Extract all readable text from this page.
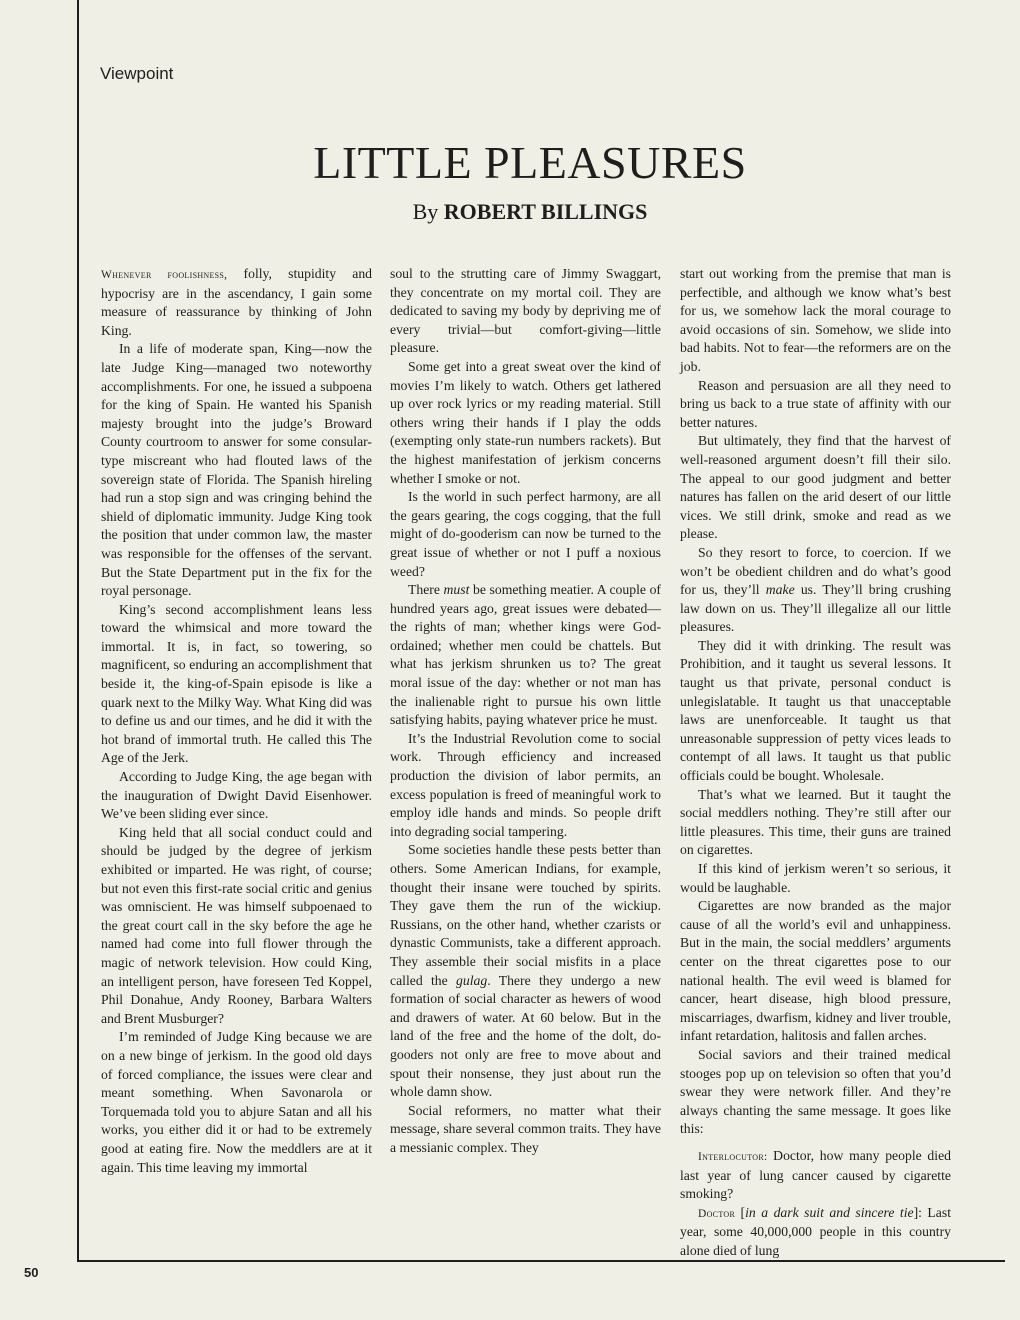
Viewpoint
LITTLE PLEASURES
By ROBERT BILLINGS

Whenever foolishness, folly, stupidity and hypocrisy are in the ascendancy, I gain some measure of reassurance by thinking of John King.

In a life of moderate span, King—now the late Judge King—managed two noteworthy accomplishments. For one, he issued a subpoena for the king of Spain. He wanted his Spanish majesty brought into the judge’s Broward County courtroom to answer for some consular-type miscreant who had flouted laws of the sovereign state of Florida. The Spanish hireling had run a stop sign and was cringing behind the shield of diplomatic immunity. Judge King took the position that under common law, the master was responsible for the offenses of the servant. But the State Department put in the fix for the royal personage.

King’s second accomplishment leans less toward the whimsical and more toward the immortal. It is, in fact, so towering, so magnificent, so enduring an accomplishment that beside it, the king-of-Spain episode is like a quark next to the Milky Way. What King did was to define us and our times, and he did it with the hot brand of immortal truth. He called this The Age of the Jerk.

According to Judge King, the age began with the inauguration of Dwight David Eisenhower. We’ve been sliding ever since.

King held that all social conduct could and should be judged by the degree of jerkism exhibited or imparted. He was right, of course; but not even this first-rate social critic and genius was omniscient. He was himself subpoenaed to the great court call in the sky before the age he named had come into full flower through the magic of network television. How could King, an intelligent person, have foreseen Ted Koppel, Phil Donahue, Andy Rooney, Barbara Walters and Brent Musburger?

I’m reminded of Judge King because we are on a new binge of jerkism. In the good old days of forced compliance, the issues were clear and meant something. When Savonarola or Torquemada told you to abjure Satan and all his works, you either did it or had to be extremely good at eating fire. Now the meddlers are at it again. This time leaving my immortal

soul to the strutting care of Jimmy Swaggart, they concentrate on my mortal coil. They are dedicated to saving my body by depriving me of every trivial—but comfort-giving—little pleasure.

Some get into a great sweat over the kind of movies I’m likely to watch. Others get lathered up over rock lyrics or my reading material. Still others wring their hands if I play the odds (exempting only state-run numbers rackets). But the highest manifestation of jerkism concerns whether I smoke or not.

Is the world in such perfect harmony, are all the gears gearing, the cogs cogging, that the full might of do-gooderism can now be turned to the great issue of whether or not I puff a noxious weed?

There must be something meatier. A couple of hundred years ago, great issues were debated—the rights of man; whether kings were God-ordained; whether men could be chattels. But what has jerkism shrunken us to? The great moral issue of the day: whether or not man has the inalienable right to pursue his own little satisfying habits, paying whatever price he must.

It’s the Industrial Revolution come to social work. Through efficiency and increased production the division of labor permits, an excess population is freed of meaningful work to employ idle hands and minds. So people drift into degrading social tampering.

Some societies handle these pests better than others. Some American Indians, for example, thought their insane were touched by spirits. They gave them the run of the wickiup. Russians, on the other hand, whether czarists or dynastic Communists, take a different approach. They assemble their social misfits in a place called the gulag. There they undergo a new formation of social character as hewers of wood and drawers of water. At 60 below. But in the land of the free and the home of the dolt, do-gooders not only are free to move about and spout their nonsense, they just about run the whole damn show.

Social reformers, no matter what their message, share several common traits. They have a messianic complex. They

start out working from the premise that man is perfectible, and although we know what’s best for us, we somehow lack the moral courage to avoid occasions of sin. Somehow, we slide into bad habits. Not to fear—the reformers are on the job.

Reason and persuasion are all they need to bring us back to a true state of affinity with our better natures.

But ultimately, they find that the harvest of well-reasoned argument doesn’t fill their silo. The appeal to our good judgment and better natures has fallen on the arid desert of our little vices. We still drink, smoke and read as we please.

So they resort to force, to coercion. If we won’t be obedient children and do what’s good for us, they’ll make us. They’ll bring crushing law down on us. They’ll illegalize all our little pleasures.

They did it with drinking. The result was Prohibition, and it taught us several lessons. It taught us that private, personal conduct is unlegislatable. It taught us that unacceptable laws are unenforceable. It taught us that unreasonable suppression of petty vices leads to contempt of all laws. It taught us that public officials could be bought. Wholesale.

That’s what we learned. But it taught the social meddlers nothing. They’re still after our little pleasures. This time, their guns are trained on cigarettes.

If this kind of jerkism weren’t so serious, it would be laughable.

Cigarettes are now branded as the major cause of all the world’s evil and unhappiness. But in the main, the social meddlers’ arguments center on the threat cigarettes pose to our national health. The evil weed is blamed for cancer, heart disease, high blood pressure, miscarriages, dwarfism, kidney and liver trouble, infant retardation, halitosis and fallen arches.

Social saviors and their trained medical stooges pop up on television so often that you’d swear they were network filler. And they’re always chanting the same message. It goes like this:

Interlocutor: Doctor, how many people died last year of lung cancer caused by cigarette smoking?

Doctor [in a dark suit and sincere tie]: Last year, some 40,000,000 people in this country alone died of lung

50
